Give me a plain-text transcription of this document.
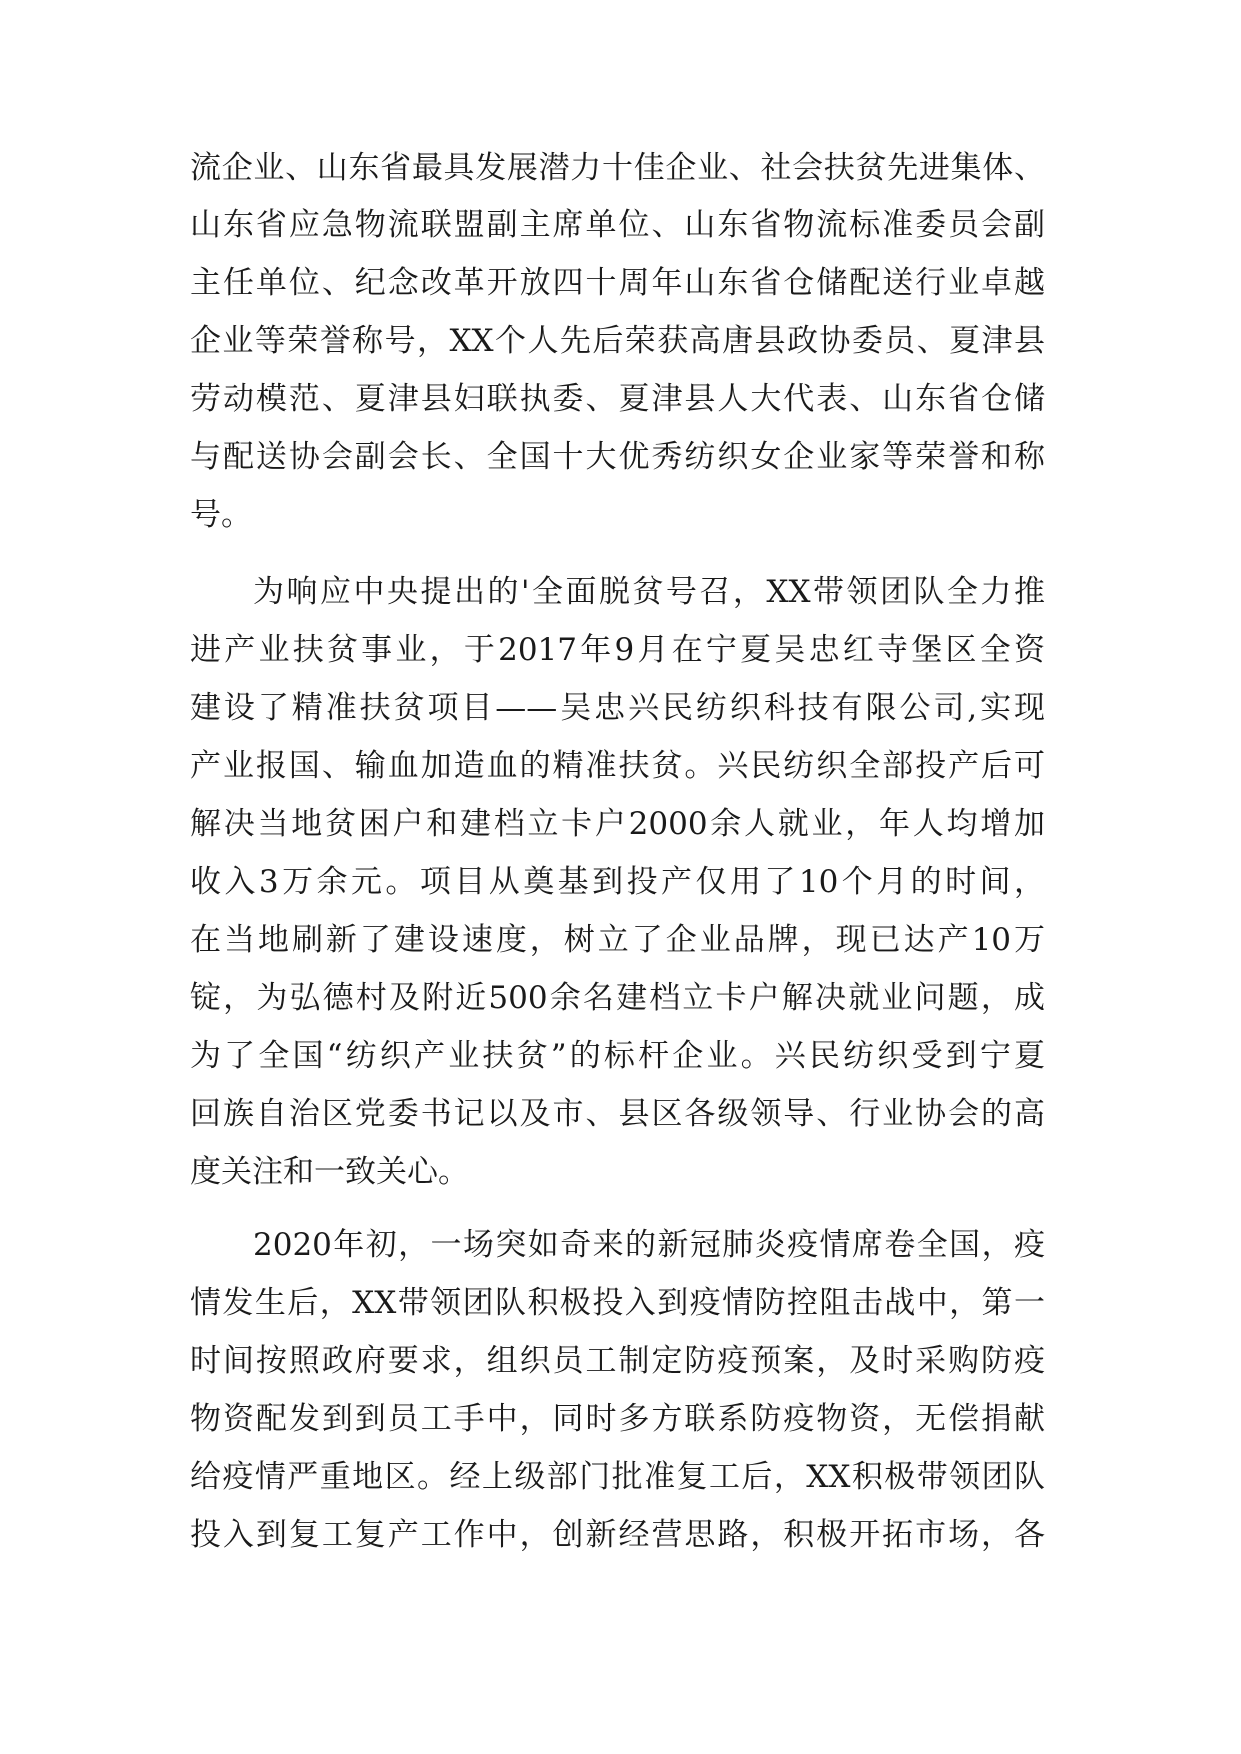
流企业、山东省最具发展潜力十佳企业、社会扶贫先进集体、
山东省应急物流联盟副主席单位、山东省物流标准委员会副
主任单位、纪念改革开放四十周年山东省仓储配送行业卓越
企业等荣誉称号，XX个人先后荣获高唐县政协委员、夏津县
劳动模范、夏津县妇联执委、夏津县人大代表、山东省仓储
与配送协会副会长、全国十大优秀纺织女企业家等荣誉和称
号。
为响应中央提出的'全面脱贫号召，XX带领团队全力推
进产业扶贫事业，于2017年9月在宁夏吴忠红寺堡区全资
建设了精准扶贫项目——吴忠兴民纺织科技有限公司,实现
产业报国、输血加造血的精准扶贫。兴民纺织全部投产后可
解决当地贫困户和建档立卡户2000余人就业，年人均增加
收入3万余元。项目从奠基到投产仅用了10个月的时间，
在当地刷新了建设速度，树立了企业品牌，现已达产10万
锭，为弘德村及附近500余名建档立卡户解决就业问题，成
为了全国“纺织产业扶贫”的标杆企业。兴民纺织受到宁夏
回族自治区党委书记以及市、县区各级领导、行业协会的高
度关注和一致关心。
2020年初，一场突如奇来的新冠肺炎疫情席卷全国，疫
情发生后，XX带领团队积极投入到疫情防控阻击战中，第一
时间按照政府要求，组织员工制定防疫预案，及时采购防疫
物资配发到到员工手中，同时多方联系防疫物资，无偿捐献
给疫情严重地区。经上级部门批准复工后，XX积极带领团队
投入到复工复产工作中，创新经营思路，积极开拓市场，各
